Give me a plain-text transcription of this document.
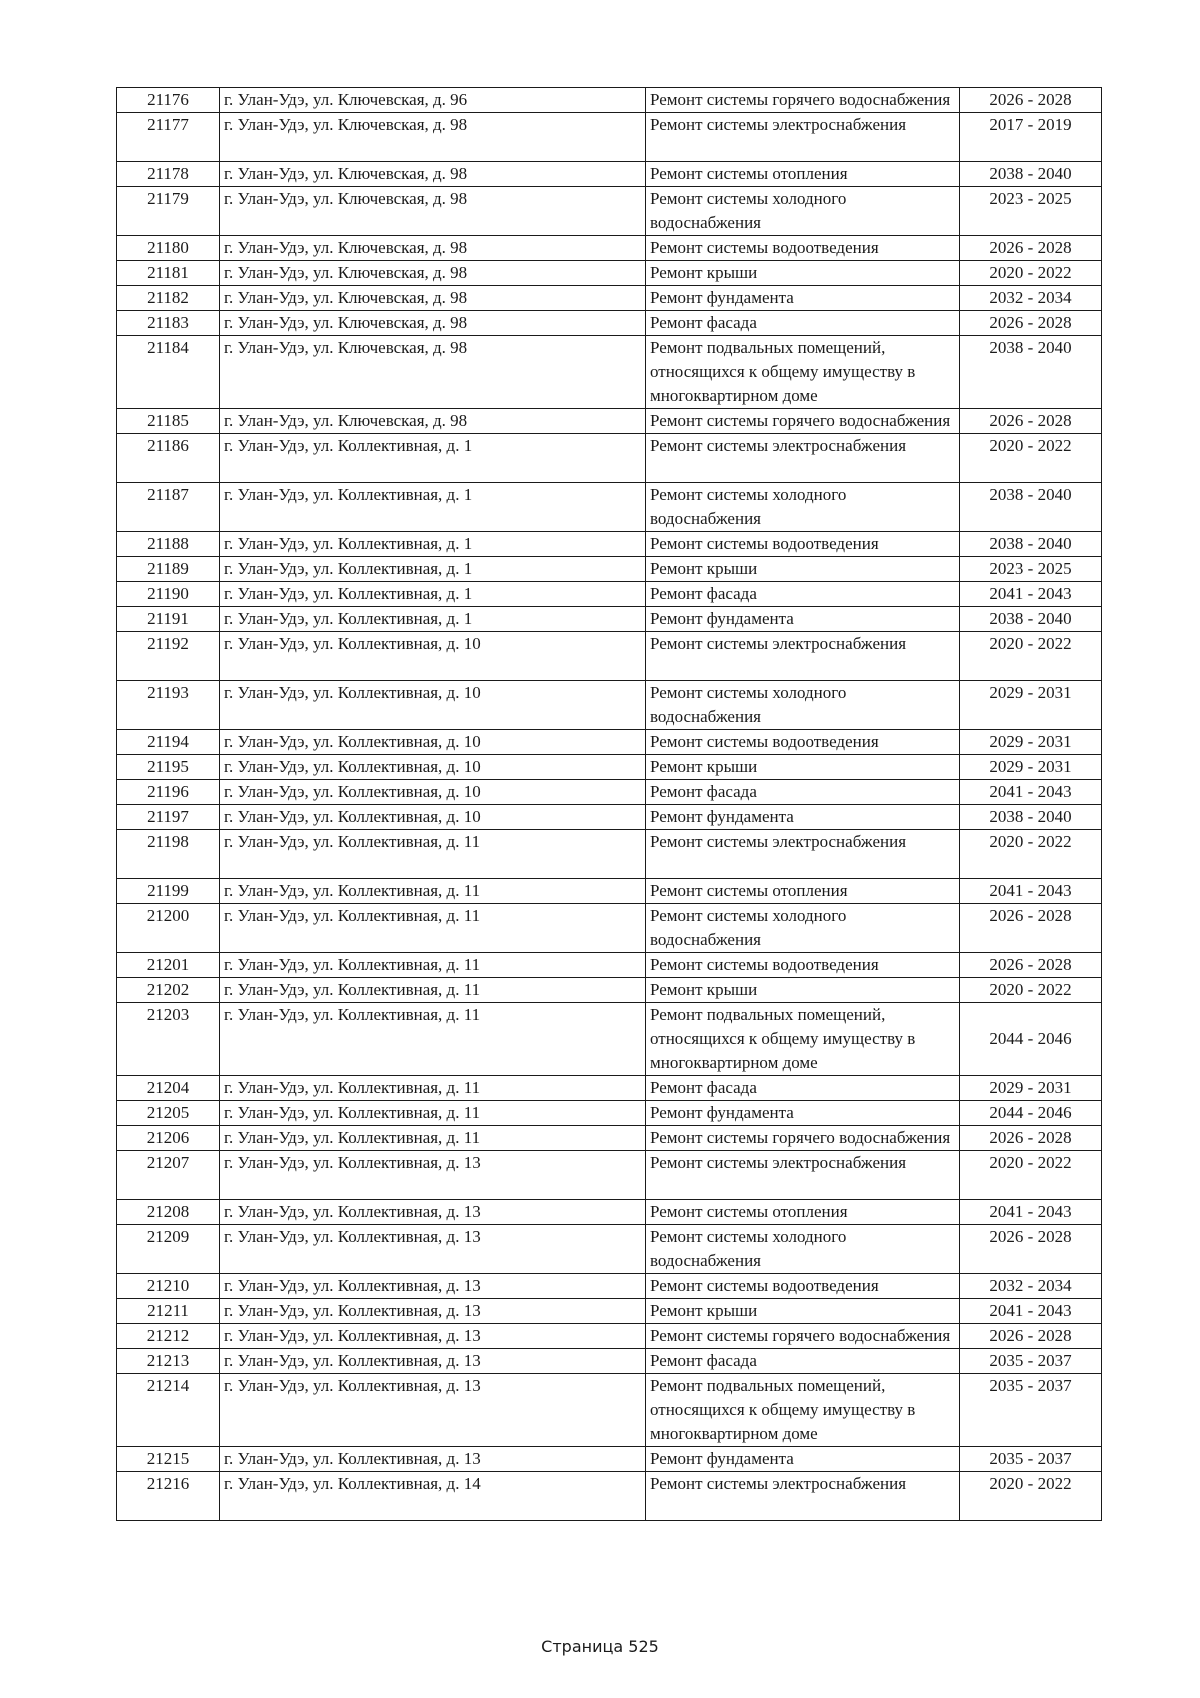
21176	г. Улан-Удэ, ул. Ключевская, д. 96	Ремонт системы горячего водоснабжения	2026 - 2028
21177	г. Улан-Удэ, ул. Ключевская, д. 98	Ремонт системы электроснабжения	2017 - 2019
21178	г. Улан-Удэ, ул. Ключевская, д. 98	Ремонт системы отопления	2038 - 2040
21179	г. Улан-Удэ, ул. Ключевская, д. 98	Ремонт системы холодного водоснабжения	2023 - 2025
21180	г. Улан-Удэ, ул. Ключевская, д. 98	Ремонт системы водоотведения	2026 - 2028
21181	г. Улан-Удэ, ул. Ключевская, д. 98	Ремонт крыши	2020 - 2022
21182	г. Улан-Удэ, ул. Ключевская, д. 98	Ремонт фундамента	2032 - 2034
21183	г. Улан-Удэ, ул. Ключевская, д. 98	Ремонт фасада	2026 - 2028
21184	г. Улан-Удэ, ул. Ключевская, д. 98	Ремонт подвальных помещений, относящихся к общему имуществу в многоквартирном доме	2038 - 2040
21185	г. Улан-Удэ, ул. Ключевская, д. 98	Ремонт системы горячего водоснабжения	2026 - 2028
21186	г. Улан-Удэ, ул. Коллективная, д. 1	Ремонт системы электроснабжения	2020 - 2022
21187	г. Улан-Удэ, ул. Коллективная, д. 1	Ремонт системы холодного водоснабжения	2038 - 2040
21188	г. Улан-Удэ, ул. Коллективная, д. 1	Ремонт системы водоотведения	2038 - 2040
21189	г. Улан-Удэ, ул. Коллективная, д. 1	Ремонт крыши	2023 - 2025
21190	г. Улан-Удэ, ул. Коллективная, д. 1	Ремонт фасада	2041 - 2043
21191	г. Улан-Удэ, ул. Коллективная, д. 1	Ремонт фундамента	2038 - 2040
21192	г. Улан-Удэ, ул. Коллективная, д. 10	Ремонт системы электроснабжения	2020 - 2022
21193	г. Улан-Удэ, ул. Коллективная, д. 10	Ремонт системы холодного водоснабжения	2029 - 2031
21194	г. Улан-Удэ, ул. Коллективная, д. 10	Ремонт системы водоотведения	2029 - 2031
21195	г. Улан-Удэ, ул. Коллективная, д. 10	Ремонт крыши	2029 - 2031
21196	г. Улан-Удэ, ул. Коллективная, д. 10	Ремонт фасада	2041 - 2043
21197	г. Улан-Удэ, ул. Коллективная, д. 10	Ремонт фундамента	2038 - 2040
21198	г. Улан-Удэ, ул. Коллективная, д. 11	Ремонт системы электроснабжения	2020 - 2022
21199	г. Улан-Удэ, ул. Коллективная, д. 11	Ремонт системы отопления	2041 - 2043
21200	г. Улан-Удэ, ул. Коллективная, д. 11	Ремонт системы холодного водоснабжения	2026 - 2028
21201	г. Улан-Удэ, ул. Коллективная, д. 11	Ремонт системы водоотведения	2026 - 2028
21202	г. Улан-Удэ, ул. Коллективная, д. 11	Ремонт крыши	2020 - 2022
21203	г. Улан-Удэ, ул. Коллективная, д. 11	Ремонт подвальных помещений, относящихся к общему имуществу в многоквартирном доме	2044 - 2046
21204	г. Улан-Удэ, ул. Коллективная, д. 11	Ремонт фасада	2029 - 2031
21205	г. Улан-Удэ, ул. Коллективная, д. 11	Ремонт фундамента	2044 - 2046
21206	г. Улан-Удэ, ул. Коллективная, д. 11	Ремонт системы горячего водоснабжения	2026 - 2028
21207	г. Улан-Удэ, ул. Коллективная, д. 13	Ремонт системы электроснабжения	2020 - 2022
21208	г. Улан-Удэ, ул. Коллективная, д. 13	Ремонт системы отопления	2041 - 2043
21209	г. Улан-Удэ, ул. Коллективная, д. 13	Ремонт системы холодного водоснабжения	2026 - 2028
21210	г. Улан-Удэ, ул. Коллективная, д. 13	Ремонт системы водоотведения	2032 - 2034
21211	г. Улан-Удэ, ул. Коллективная, д. 13	Ремонт крыши	2041 - 2043
21212	г. Улан-Удэ, ул. Коллективная, д. 13	Ремонт системы горячего водоснабжения	2026 - 2028
21213	г. Улан-Удэ, ул. Коллективная, д. 13	Ремонт фасада	2035 - 2037
21214	г. Улан-Удэ, ул. Коллективная, д. 13	Ремонт подвальных помещений, относящихся к общему имуществу в многоквартирном доме	2035 - 2037
21215	г. Улан-Удэ, ул. Коллективная, д. 13	Ремонт фундамента	2035 - 2037
21216	г. Улан-Удэ, ул. Коллективная, д. 14	Ремонт системы электроснабжения	2020 - 2022
Страница 525
